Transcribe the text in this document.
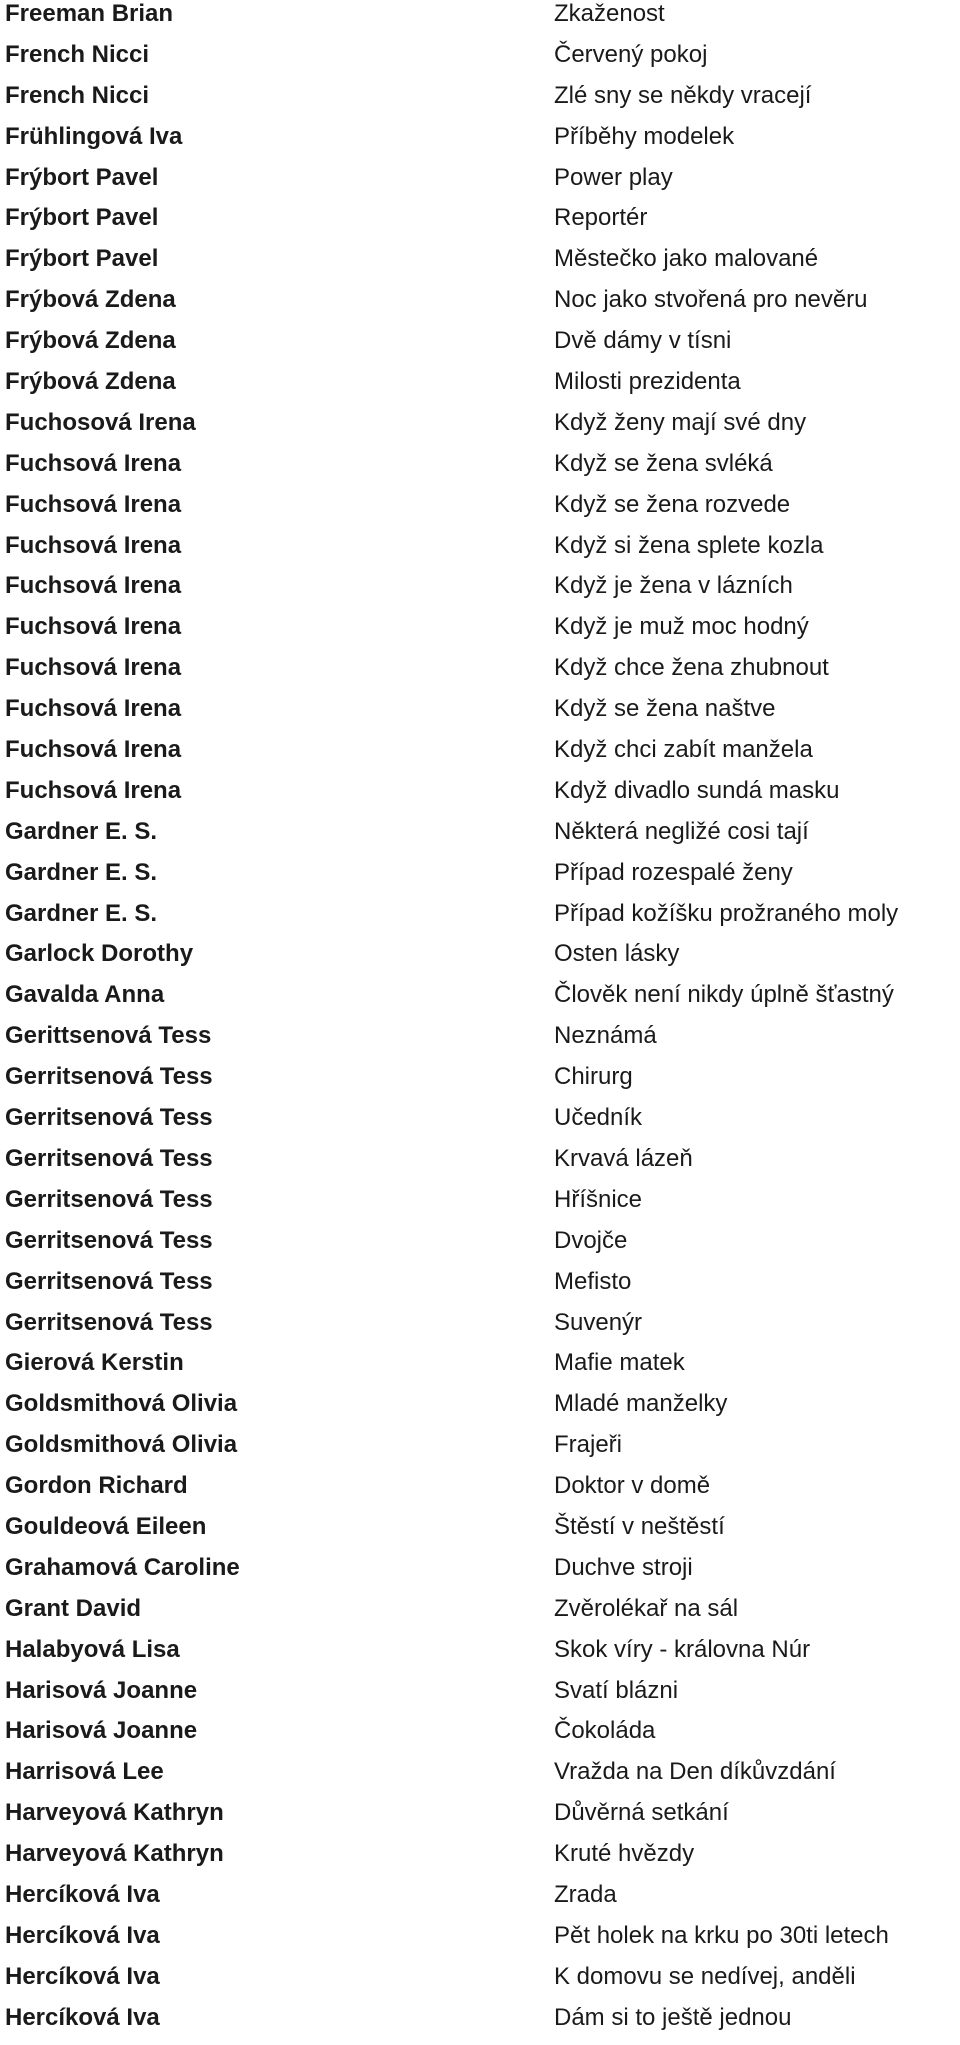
Freeman Brian	Zkaženost
French Nicci	Červený pokoj
French Nicci	Zlé sny se někdy vracejí
Frühlingová Iva	Příběhy modelek
Frýbort Pavel	Power play
Frýbort Pavel	Reportér
Frýbort Pavel	Městečko jako malované
Frýbová Zdena	Noc jako stvořená pro nevěru
Frýbová Zdena	Dvě dámy v tísni
Frýbová Zdena	Milosti prezidenta
Fuchosová Irena	Když ženy mají své dny
Fuchsová Irena	Když se žena svléká
Fuchsová Irena	Když se žena rozvede
Fuchsová Irena	Když si žena splete kozla
Fuchsová Irena	Když je žena v lázních
Fuchsová Irena	Když je muž moc hodný
Fuchsová Irena	Když chce žena zhubnout
Fuchsová Irena	Když se žena naštve
Fuchsová Irena	Když chci zabít manžela
Fuchsová Irena	Když divadlo sundá masku
Gardner E. S.	Některá negližé cosi tají
Gardner E. S.	Případ rozespalé ženy
Gardner E. S.	Případ kožíšku prožraného moly
Garlock Dorothy	Osten lásky
Gavalda Anna	Člověk není nikdy úplně šťastný
Gerittsenová Tess	Neznámá
Gerritsenová Tess	Chirurg
Gerritsenová Tess	Učedník
Gerritsenová Tess	Krvavá lázeň
Gerritsenová Tess	Hříšnice
Gerritsenová Tess	Dvojče
Gerritsenová Tess	Mefisto
Gerritsenová Tess	Suvenýr
Gierová Kerstin	Mafie matek
Goldsmithová Olivia	Mladé manželky
Goldsmithová Olivia	Frajeři
Gordon Richard	Doktor v domě
Gouldeová Eileen	Štěstí v neštěstí
Grahamová Caroline	Duchve stroji
Grant David	Zvěrolékař na sál
Halabyová Lisa	Skok víry - královna Núr
Harisová Joanne	Svatí blázni
Harisová Joanne	Čokoláda
Harrisová Lee	Vražda na Den díkůvzdání
Harveyová Kathryn	Důvěrná setkání
Harveyová Kathryn	Kruté hvězdy
Hercíková Iva	Zrada
Hercíková Iva	Pět holek na krku po 30ti letech
Hercíková Iva	K domovu se nedívej, anděli
Hercíková Iva	Dám si to ještě jednou
